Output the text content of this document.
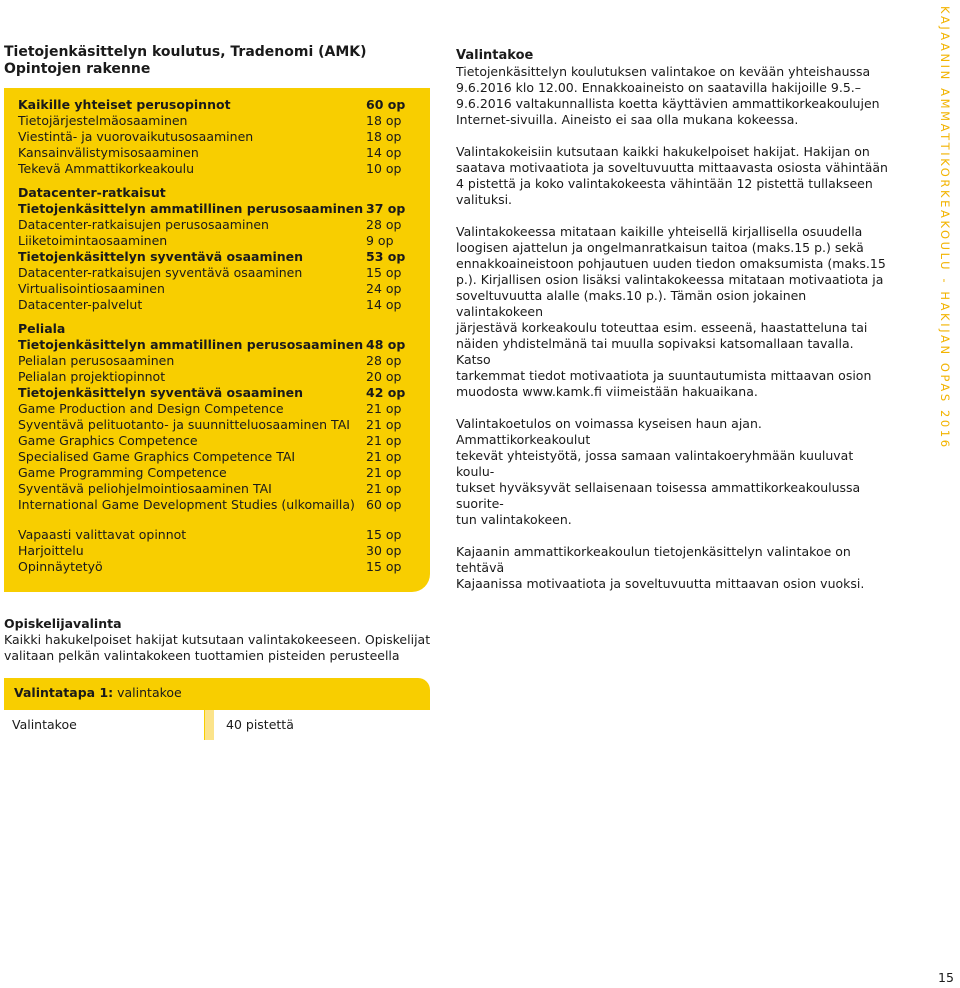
Tietojenkäsittelyn koulutus, Tradenomi (AMK)
Opintojen rakenne
Kaikille yhteiset perusopinnot	60 op
Tietojärjestelmäosaaminen	18 op
Viestintä- ja vuorovaikutusosaaminen	18 op
Kansainvälistymisosaaminen	14 op
Tekevä Ammattikorkeakoulu	10 op
Datacenter-ratkaisut
Tietojenkäsittelyn ammatillinen perusosaaminen 37 op
Datacenter-ratkaisujen perusosaaminen	28 op
Liiketoimintaosaaminen	9 op
Tietojenkäsittelyn syventävä osaaminen	53 op
Datacenter-ratkaisujen syventävä osaaminen	15 op
Virtualisointiosaaminen	24 op
Datacenter-palvelut	14 op
Peliala
Tietojenkäsittelyn ammatillinen perusosaaminen 48 op
Pelialan perusosaaminen	28 op
Pelialan projektiopinnot	20 op
Tietojenkäsittelyn syventävä osaaminen	42 op
Game Production and Design Competence	21 op
Syventävä pelituotanto- ja suunnitteluosaaminen TAI 21 op
Game Graphics Competence	21 op
Specialised Game Graphics Competence TAI	21 op
Game Programming Competence	21 op
Syventävä peliohjelmointiosaaminen TAI	21 op
International Game Development Studies (ulkomailla) 60 op
Vapaasti valittavat opinnot	15 op
Harjoittelu	30 op
Opinnäytetyö	15 op
Opiskelijavalinta
Kaikki hakukelpoiset hakijat kutsutaan valintakokeeseen. Opiskelijat
valitaan pelkän valintakokeen tuottamien pisteiden perusteella
Valintatapa 1: valintakoe
Valintakoe	40 pistettä
Valintakoe

Tietojenkäsittelyn koulutuksen valintakoe on kevään yhteishaussa
9.6.2016 klo 12.00. Ennakkoaineisto on saatavilla hakijoille 9.5.–
9.6.2016 valtakunnallista koetta käyttävien ammattikorkeakoulujen
Internet-sivuilla. Aineisto ei saa olla mukana kokeessa.

Valintakokeisiin kutsutaan kaikki hakukelpoiset hakijat. Hakijan on
saatava motivaatiota ja soveltuvuutta mittaavasta osiosta vähintään
4 pistettä ja koko valintakokeesta vähintään 12 pistettä tullakseen
valituksi.

Valintakokeessa mitataan kaikille yhteisellä kirjallisella osuudella
loogisen ajattelun ja ongelmanratkaisun taitoa (maks.15 p.) sekä
ennakkoaineistoon pohjautuen uuden tiedon omaksumista (maks.15
p.). Kirjallisen osion lisäksi valintakokeessa mitataan motivaatiota ja
soveltuvuutta alalle (maks.10 p.). Tämän osion jokainen valintakokeen
järjestävä korkeakoulu toteuttaa esim. esseenä, haastatteluna tai
näiden yhdistelmänä tai muulla sopivaksi katsomallaan tavalla. Katso
tarkemmat tiedot motivaatiota ja suuntautumista mittaavan osion
muodosta www.kamk.fi viimeistään hakuaikana.

Valintakoetulos on voimassa kyseisen haun ajan. Ammattikorkeakoulut
tekevät yhteistyötä, jossa samaan valintakoeryhmään kuuluvat koulu-
tukset hyväksyvät sellaisenaan toisessa ammattikorkeakoulussa suorite-
tun valintakokeen.

Kajaanin ammattikorkeakoulun tietojenkäsittelyn valintakoe on tehtävä
Kajaanissa motivaatiota ja soveltuvuutta mittaavan osion vuoksi.

KAJAANIN AMMATTIKORKEAKOULU - HAKIJAN OPAS 2016
15
